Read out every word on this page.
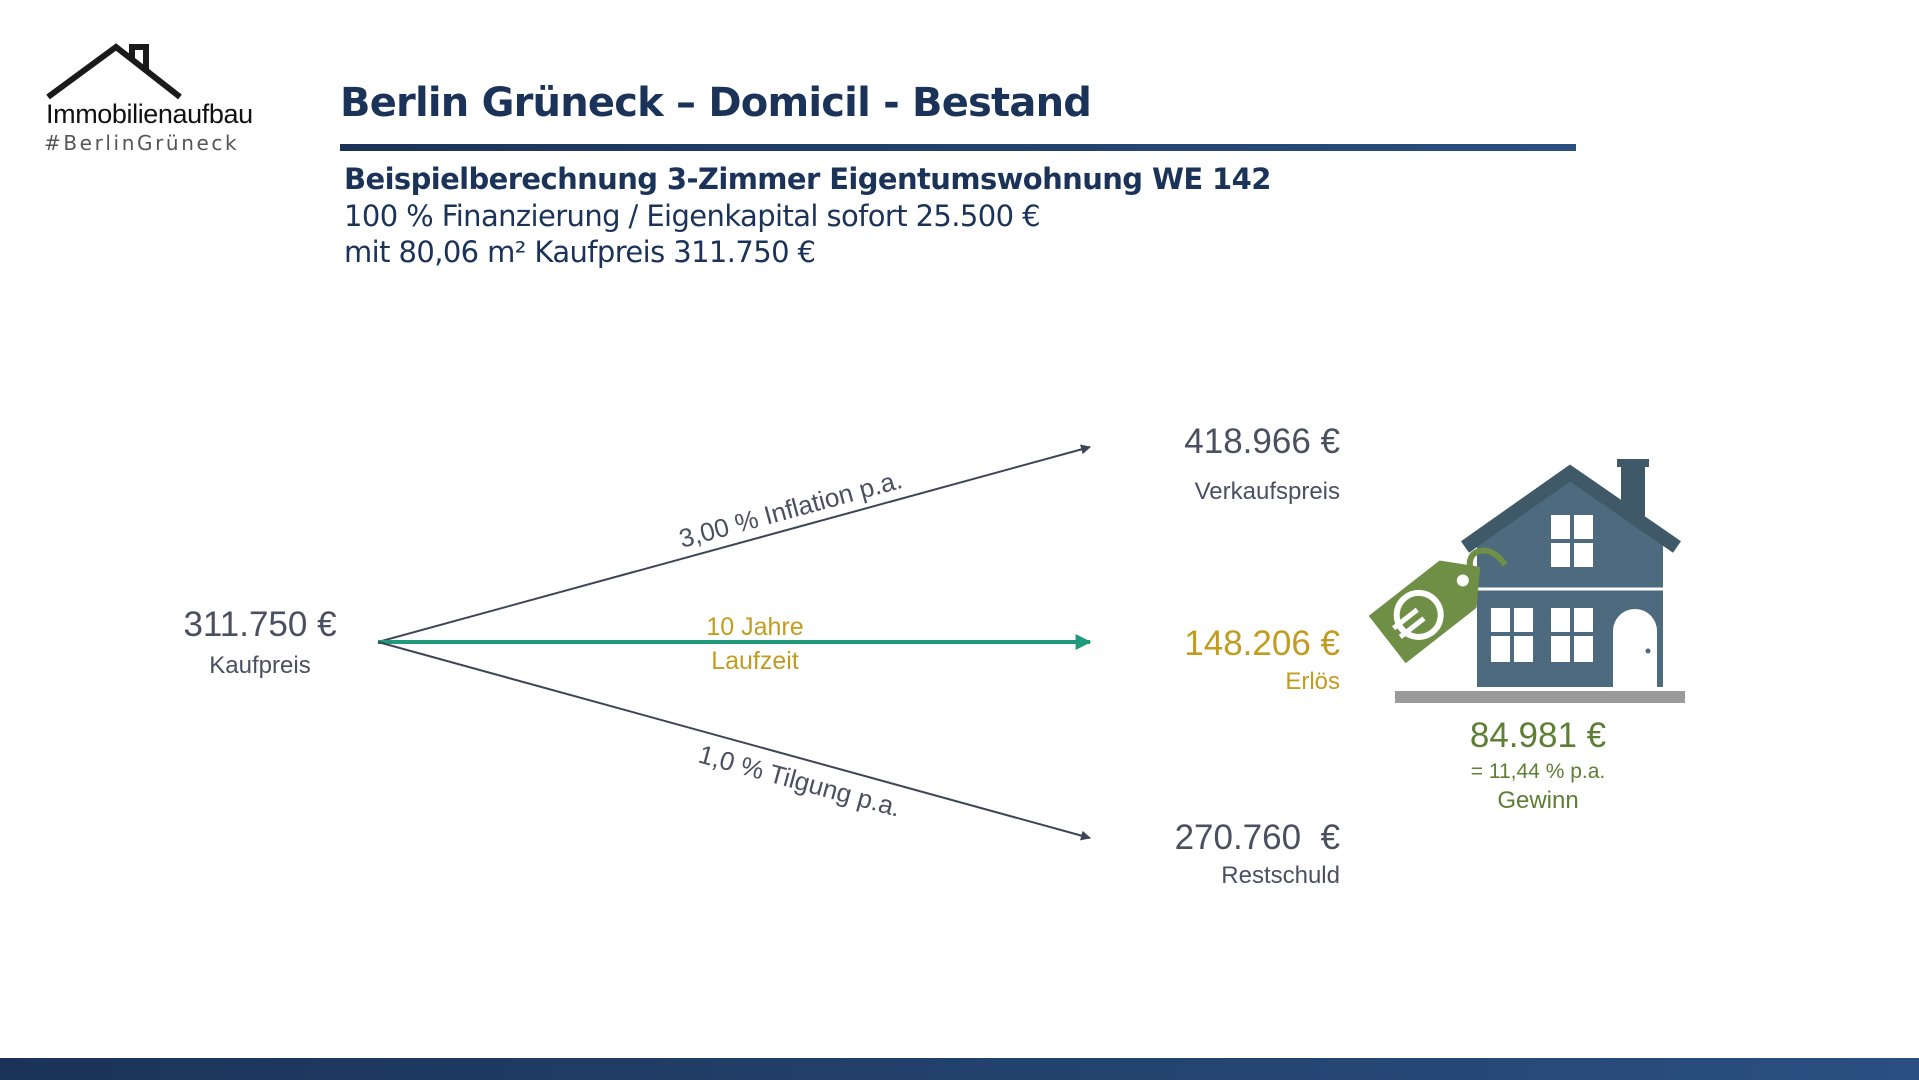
Immobilienaufbau
#BerlinGrüneck
Berlin Grüneck – Domicil - Bestand
Beispielberechnung 3-Zimmer Eigentumswohnung WE 142
100 % Finanzierung / Eigenkapital sofort 25.500 €
mit 80,06 m² Kaufpreis 311.750 €
3,00 % Inflation p.a.
1,0 % Tilgung p.a.
311.750 €
Kaufpreis
10 Jahre
Laufzeit
418.966 €
Verkaufspreis
148.206 €
Erlös
270.760  €
Restschuld
84.981 €
= 11,44 % p.a.
Gewinn
